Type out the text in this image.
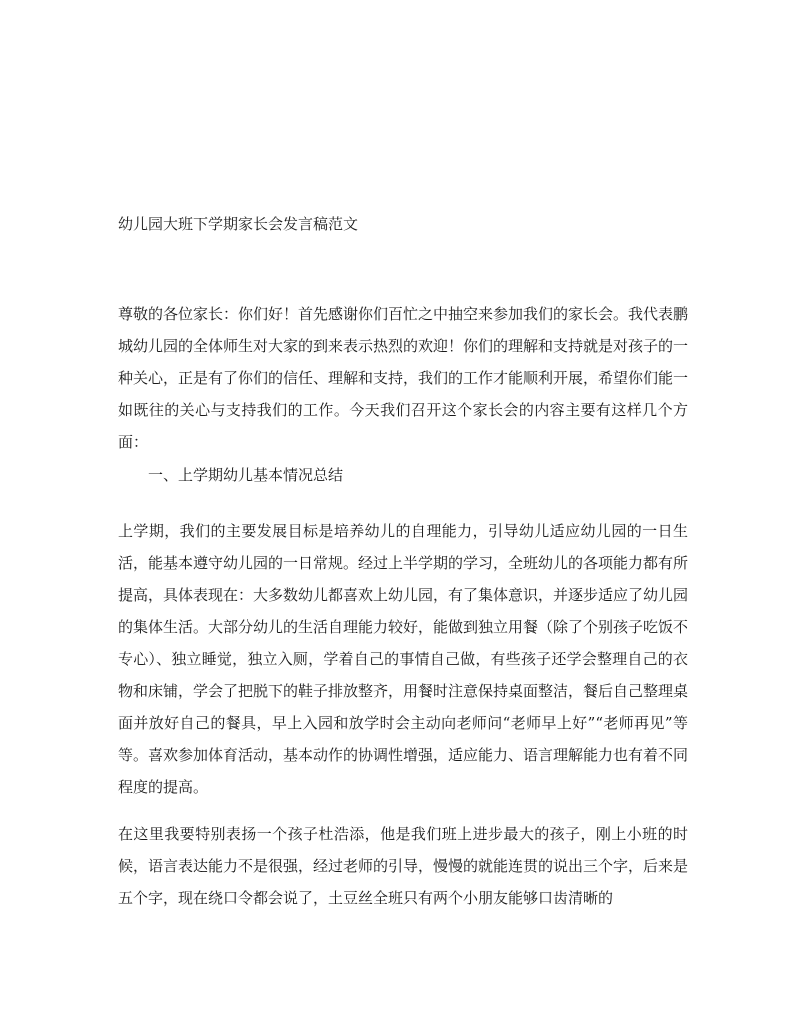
幼儿园大班下学期家长会发言稿范文
尊敬的各位家长：你们好！首先感谢你们百忙之中抽空来参加我们的家长会。我代表鹏城幼儿园的全体师生对大家的到来表示热烈的欢迎！你们的理解和支持就是对孩子的一种关心，正是有了你们的信任、理解和支持，我们的工作才能顺利开展，希望你们能一如既往的关心与支持我们的工作。今天我们召开这个家长会的内容主要有这样几个方面：
一、上学期幼儿基本情况总结
上学期，我们的主要发展目标是培养幼儿的自理能力，引导幼儿适应幼儿园的一日生活，能基本遵守幼儿园的一日常规。经过上半学期的学习，全班幼儿的各项能力都有所提高，具体表现在：大多数幼儿都喜欢上幼儿园，有了集体意识，并逐步适应了幼儿园的集体生活。大部分幼儿的生活自理能力较好，能做到独立用餐（除了个别孩子吃饭不专心）、独立睡觉，独立入厕，学着自己的事情自己做，有些孩子还学会整理自己的衣物和床铺，学会了把脱下的鞋子排放整齐，用餐时注意保持桌面整洁，餐后自己整理桌面并放好自己的餐具，早上入园和放学时会主动向老师问“老师早上好”“老师再见”等等。喜欢参加体育活动，基本动作的协调性增强，适应能力、语言理解能力也有着不同程度的提高。
在这里我要特别表扬一个孩子杜浩添，他是我们班上进步最大的孩子，刚上小班的时候，语言表达能力不是很强，经过老师的引导，慢慢的就能连贯的说出三个字，后来是五个字，现在绕口令都会说了，土豆丝全班只有两个小朋友能够口齿清晰的
